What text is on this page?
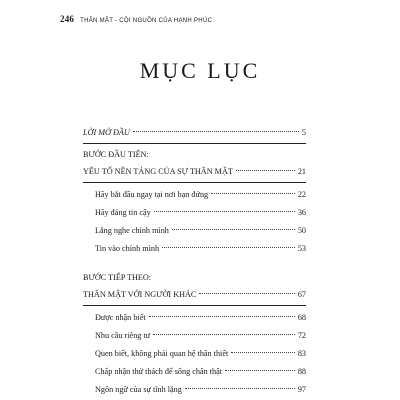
246 THÂN MẬT - CỘI NGUỒN CỦA HẠNH PHÚC
MỤC LỤC
LỜI MỞ ĐẦU	5
BƯỚC ĐẦU TIÊN:
YẾU TỐ NỀN TẢNG CỦA SỰ THÂN MẬT	21
Hãy bắt đầu ngay tại nơi bạn đứng	22
Hãy đáng tin cậy	36
Lắng nghe chính mình	50
Tin vào chính mình	53
BƯỚC TIẾP THEO:
THÂN MẬT VỚI NGƯỜI KHÁC	67
Được nhận biết	68
Nhu cầu riêng tư	72
Quen biết, không phải quan hệ thân thiết	83
Chấp nhận thử thách để sống chân thật	88
Ngôn ngữ của sự tĩnh lặng	97
